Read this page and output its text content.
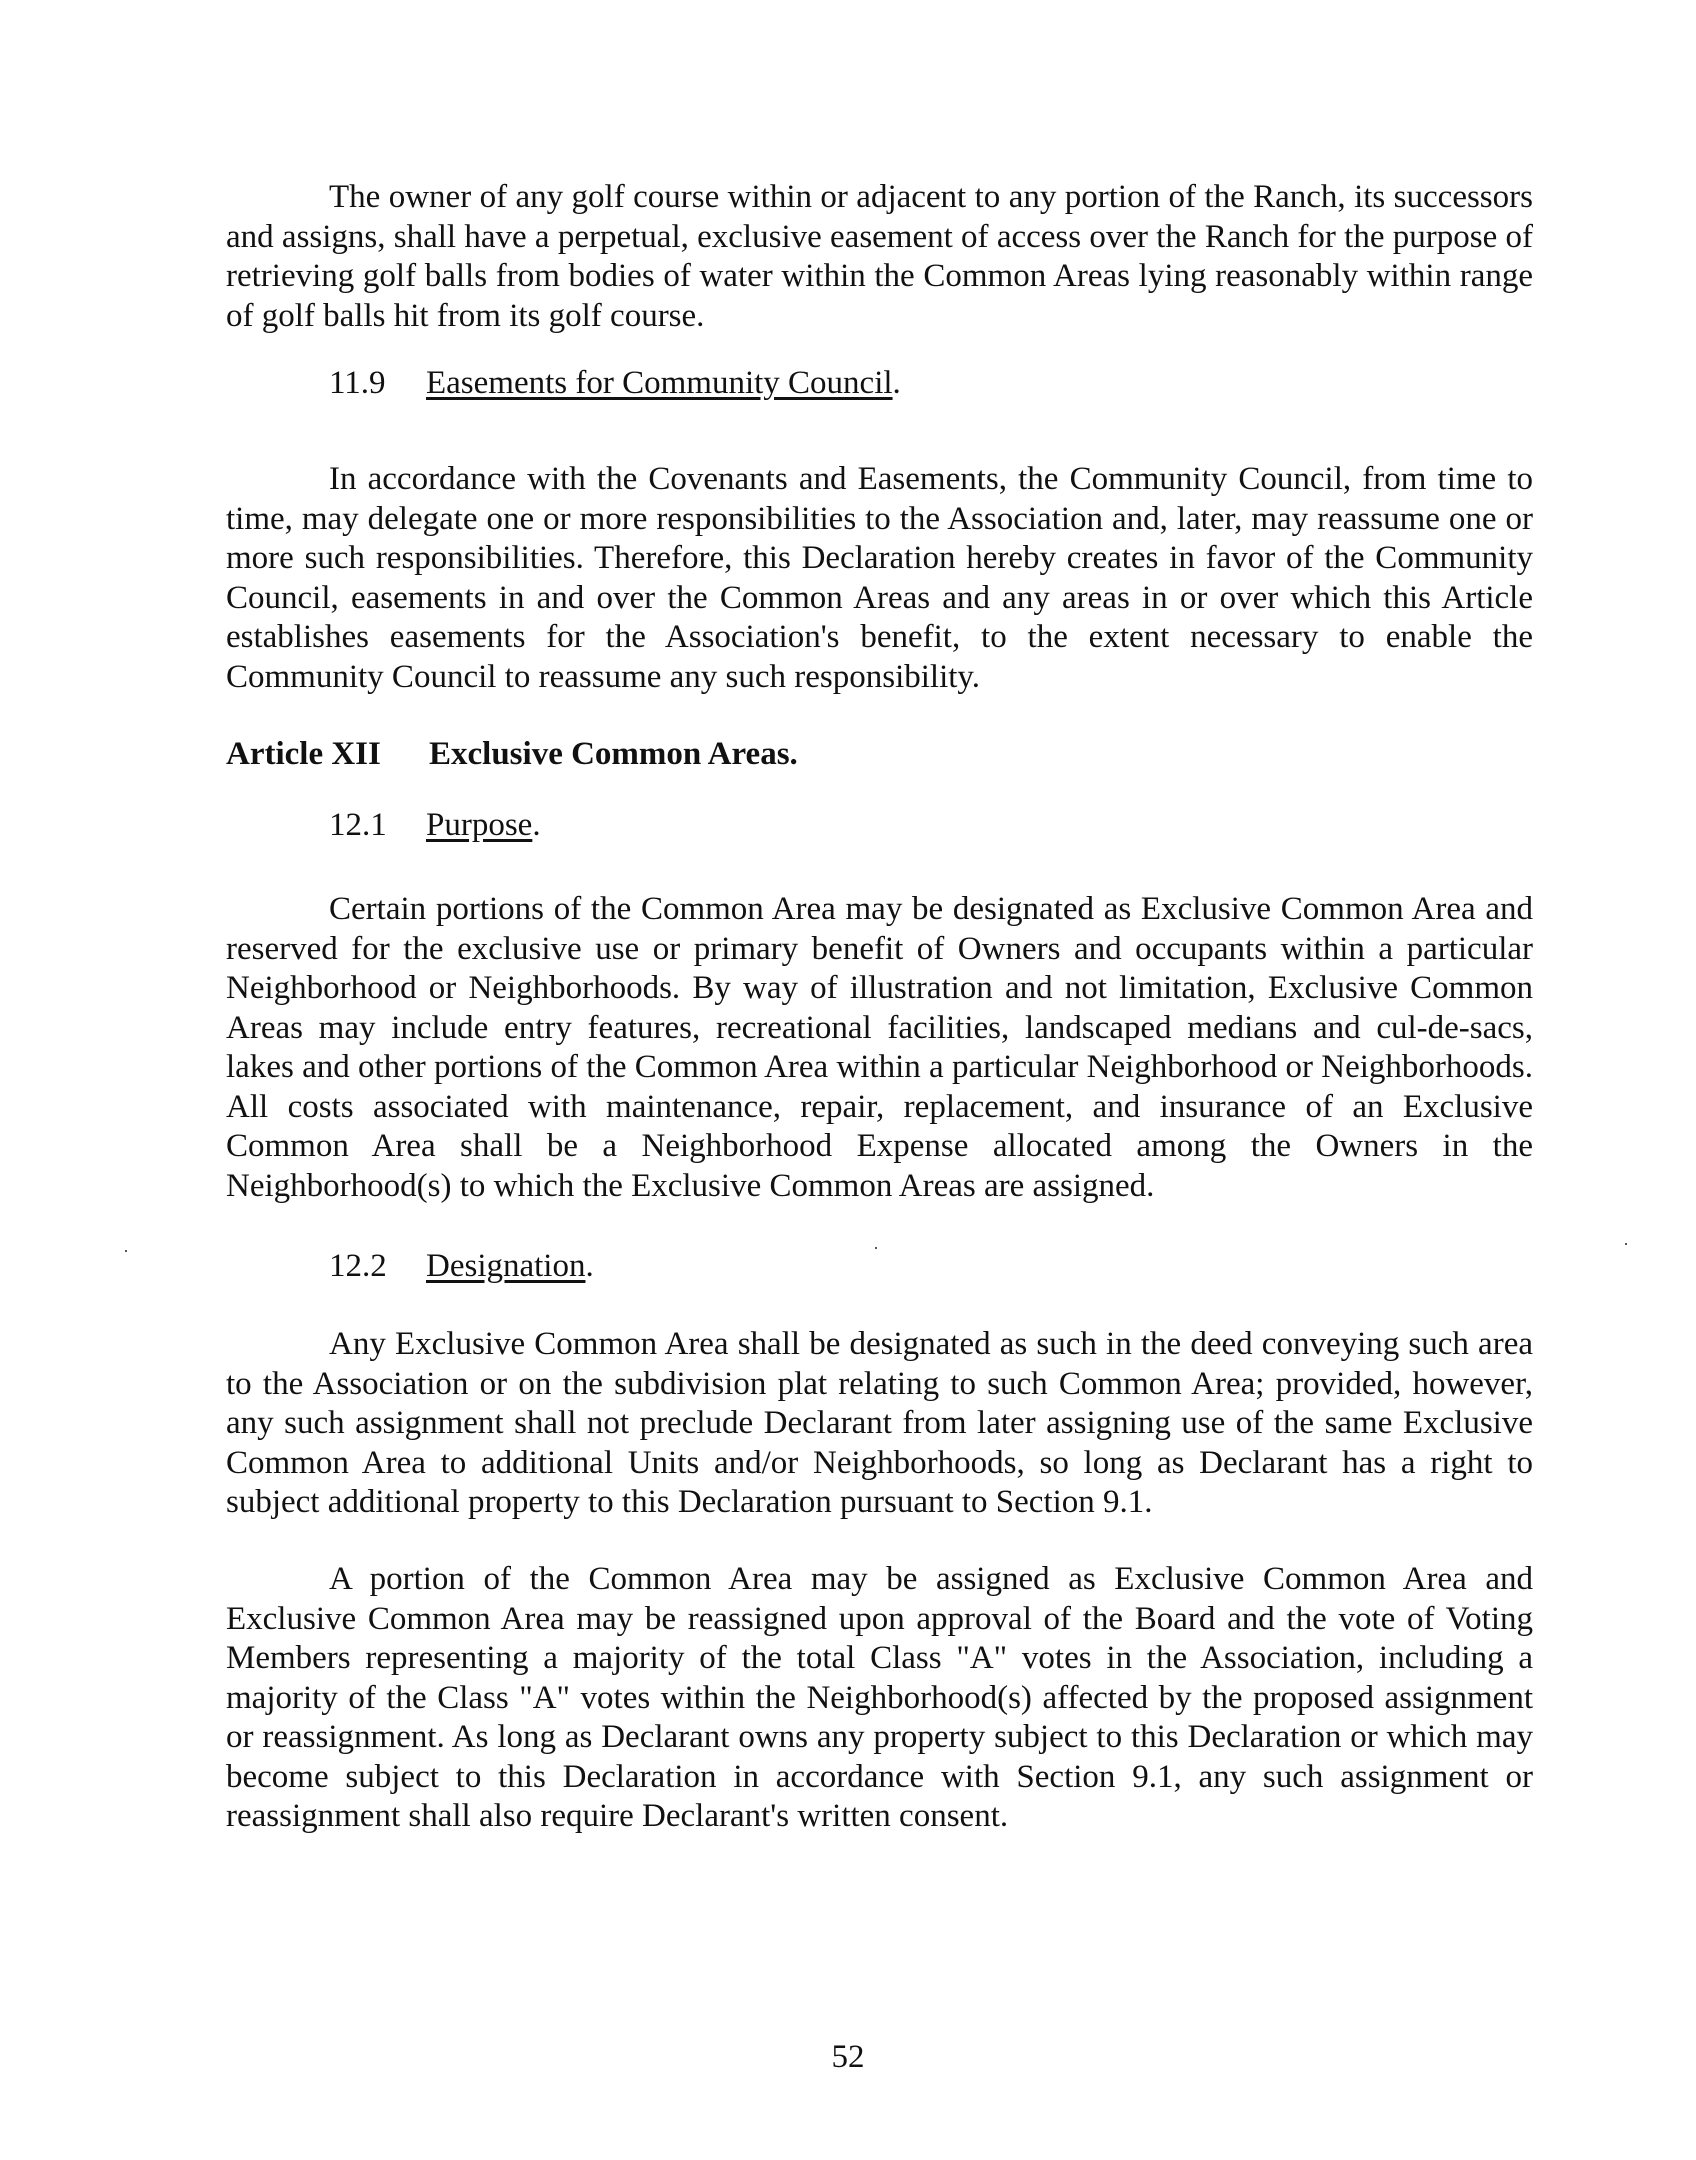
The owner of any golf course within or adjacent to any portion of the Ranch, its successors and assigns, shall have a perpetual, exclusive easement of access over the Ranch for the purpose of retrieving golf balls from bodies of water within the Common Areas lying reasonably within range of golf balls hit from its golf course.

11.9 Easements for Community Council.

In accordance with the Covenants and Easements, the Community Council, from time to time, may delegate one or more responsibilities to the Association and, later, may reassume one or more such responsibilities. Therefore, this Declaration hereby creates in favor of the Community Council, easements in and over the Common Areas and any areas in or over which this Article establishes easements for the Association's benefit, to the extent necessary to enable the Community Council to reassume any such responsibility.

Article XII Exclusive Common Areas.

12.1 Purpose.

Certain portions of the Common Area may be designated as Exclusive Common Area and reserved for the exclusive use or primary benefit of Owners and occupants within a particular Neighborhood or Neighborhoods. By way of illustration and not limitation, Exclusive Common Areas may include entry features, recreational facilities, landscaped medians and cul-de-sacs, lakes and other portions of the Common Area within a particular Neighborhood or Neighborhoods. All costs associated with maintenance, repair, replacement, and insurance of an Exclusive Common Area shall be a Neighborhood Expense allocated among the Owners in the Neighborhood(s) to which the Exclusive Common Areas are assigned.

12.2 Designation.

Any Exclusive Common Area shall be designated as such in the deed conveying such area to the Association or on the subdivision plat relating to such Common Area; provided, however, any such assignment shall not preclude Declarant from later assigning use of the same Exclusive Common Area to additional Units and/or Neighborhoods, so long as Declarant has a right to subject additional property to this Declaration pursuant to Section 9.1.

A portion of the Common Area may be assigned as Exclusive Common Area and Exclusive Common Area may be reassigned upon approval of the Board and the vote of Voting Members representing a majority of the total Class "A" votes in the Association, including a majority of the Class "A" votes within the Neighborhood(s) affected by the proposed assignment or reassignment. As long as Declarant owns any property subject to this Declaration or which may become subject to this Declaration in accordance with Section 9.1, any such assignment or reassignment shall also require Declarant's written consent.

52
